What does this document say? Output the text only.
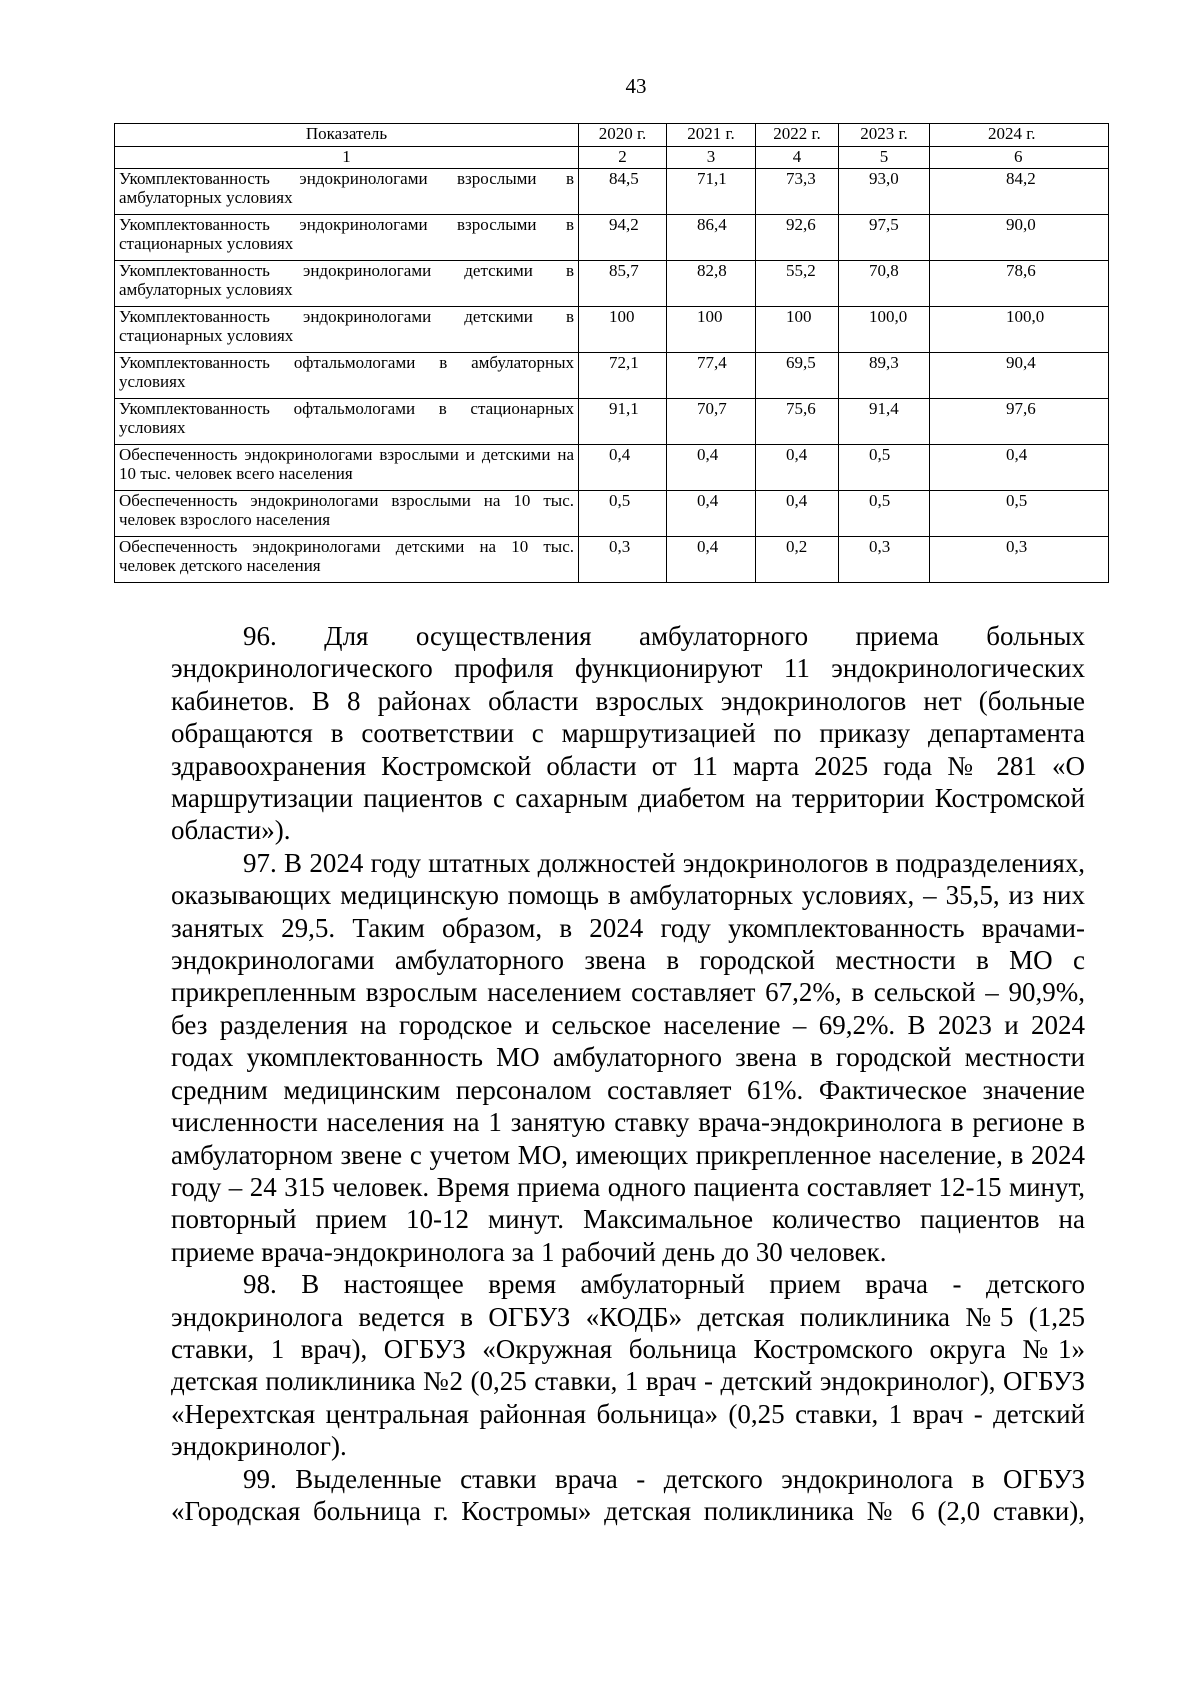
43
Показатель	2020 г.	2021 г.	2022 г.	2023 г.	2024 г.
1	2	3	4	5	6
Укомплектованность эндокринологами взрослыми в амбулаторных условиях	84,5	71,1	73,3	93,0	84,2
Укомплектованность эндокринологами взрослыми в стационарных условиях	94,2	86,4	92,6	97,5	90,0
Укомплектованность эндокринологами детскими в амбулаторных условиях	85,7	82,8	55,2	70,8	78,6
Укомплектованность эндокринологами детскими в стационарных условиях	100	100	100	100,0	100,0
Укомплектованность офтальмологами в амбулаторных условиях	72,1	77,4	69,5	89,3	90,4
Укомплектованность офтальмологами в стационарных условиях	91,1	70,7	75,6	91,4	97,6
Обеспеченность эндокринологами взрослыми и детскими на 10 тыс. человек всего населения	0,4	0,4	0,4	0,5	0,4
Обеспеченность эндокринологами взрослыми на 10 тыс. человек взрослого населения	0,5	0,4	0,4	0,5	0,5
Обеспеченность эндокринологами детскими на 10 тыс. человек детского населения	0,3	0,4	0,2	0,3	0,3

96. Для осуществления амбулаторного приема больных эндокринологического профиля функционируют 11 эндокринологических кабинетов. В 8 районах области взрослых эндокринологов нет (больные обращаются в соответствии с маршрутизацией по приказу департамента здравоохранения Костромской области от 11 марта 2025 года № 281 «О маршрутизации пациентов с сахарным диабетом на территории Костромской области»).

97. В 2024 году штатных должностей эндокринологов в подразделениях, оказывающих медицинскую помощь в амбулаторных условиях, – 35,5, из них занятых 29,5. Таким образом, в 2024 году укомплектованность врачами-эндокринологами амбулаторного звена в городской местности в МО с прикрепленным взрослым населением составляет 67,2%, в сельской – 90,9%, без разделения на городское и сельское население – 69,2%. В 2023 и 2024 годах укомплектованность МО амбулаторного звена в городской местности средним медицинским персоналом составляет 61%. Фактическое значение численности населения на 1 занятую ставку врача-эндокринолога в регионе в амбулаторном звене с учетом МО, имеющих прикрепленное население, в 2024 году – 24 315 человек. Время приема одного пациента составляет 12-15 минут, повторный прием 10-12 минут. Максимальное количество пациентов на приеме врача-эндокринолога за 1 рабочий день до 30 человек.

98. В настоящее время амбулаторный прием врача - детского эндокринолога ведется в ОГБУЗ «КОДБ» детская поликлиника №5 (1,25 ставки, 1 врач), ОГБУЗ «Окружная больница Костромского округа №1» детская поликлиника №2 (0,25 ставки, 1 врач - детский эндокринолог), ОГБУЗ «Нерехтская центральная районная больница» (0,25 ставки, 1 врач - детский эндокринолог).

99. Выделенные ставки врача - детского эндокринолога в ОГБУЗ «Городская больница г. Костромы» детская поликлиника № 6 (2,0 ставки),
